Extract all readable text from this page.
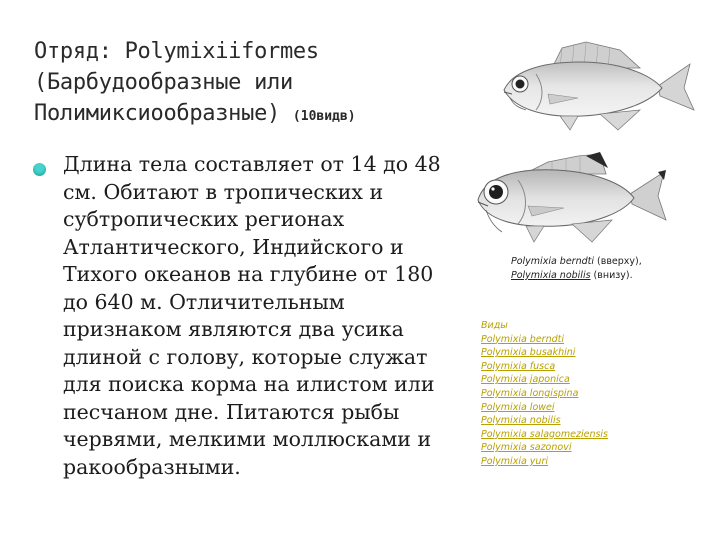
Отряд: Polymixiiformes
(Барбудообразные или
Полимиксиообразные) (10видв)
Длина тела составляет от 14 до 48
см. Обитают в тропических и
субтропических регионах
Атлантического, Индийского и
Тихого океанов на глубине от 180
до 640 м. Отличительным
признаком являются два усика
длиной с голову, которые служат
для поиска корма на илистом или
песчаном дне. Питаются рыбы
червями, мелкими моллюсками и
ракообразными.
Polymixia berndti (вверху),
Polymixia nobilis (внизу).
Виды
Polymixia berndti
Polymixia busakhini
Polymixia fusca
Polymixia japonica
Polymixia longispina
Polymixia lowei
Polymixia nobilis
Polymixia salagomeziensis
Polymixia sazonovi
Polymixia yuri
